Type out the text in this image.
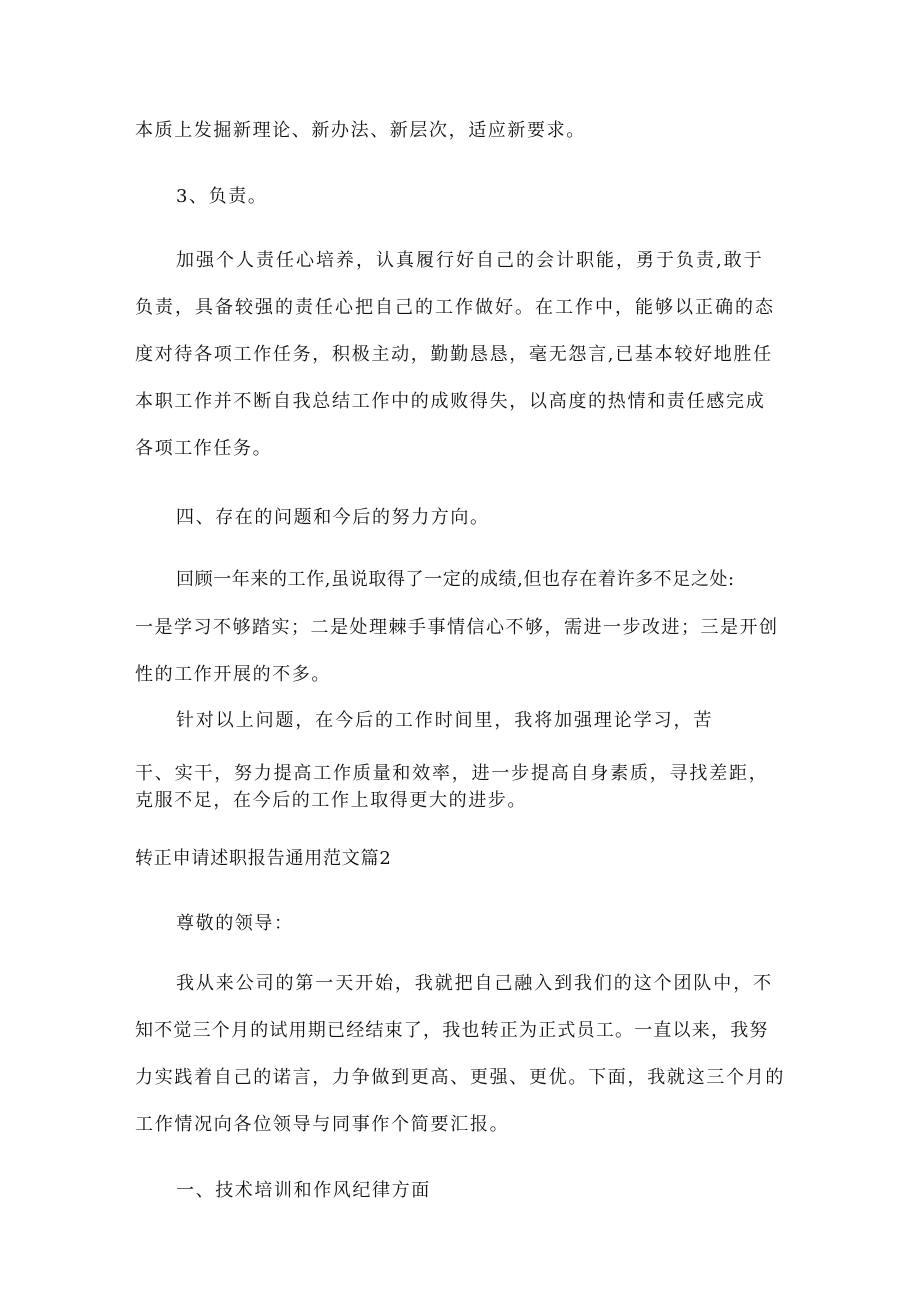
本质上发掘新理论、新办法、新层次，适应新要求。
3、负责。
加强个人责任心培养，认真履行好自己的会计职能，勇于负责,敢于
负责，具备较强的责任心把自己的工作做好。在工作中，能够以正确的态
度对待各项工作任务，积极主动，勤勤恳恳，毫无怨言,已基本较好地胜任
本职工作并不断自我总结工作中的成败得失，以高度的热情和责任感完成
各项工作任务。
四、存在的问题和今后的努力方向。
回顾一年来的工作,虽说取得了一定的成绩,但也存在着许多不足之处:
一是学习不够踏实；二是处理棘手事情信心不够，需进一步改进；三是开创
性的工作开展的不多。
针对以上问题，在今后的工作时间里，我将加强理论学习，苦
干、实干，努力提高工作质量和效率，进一步提高自身素质，寻找差距，
克服不足，在今后的工作上取得更大的进步。
转正申请述职报告通用范文篇2
尊敬的领导：
我从来公司的第一天开始，我就把自己融入到我们的这个团队中，不
知不觉三个月的试用期已经结束了，我也转正为正式员工。一直以来，我努
力实践着自己的诺言，力争做到更高、更强、更优。下面，我就这三个月的
工作情况向各位领导与同事作个简要汇报。
一、技术培训和作风纪律方面
